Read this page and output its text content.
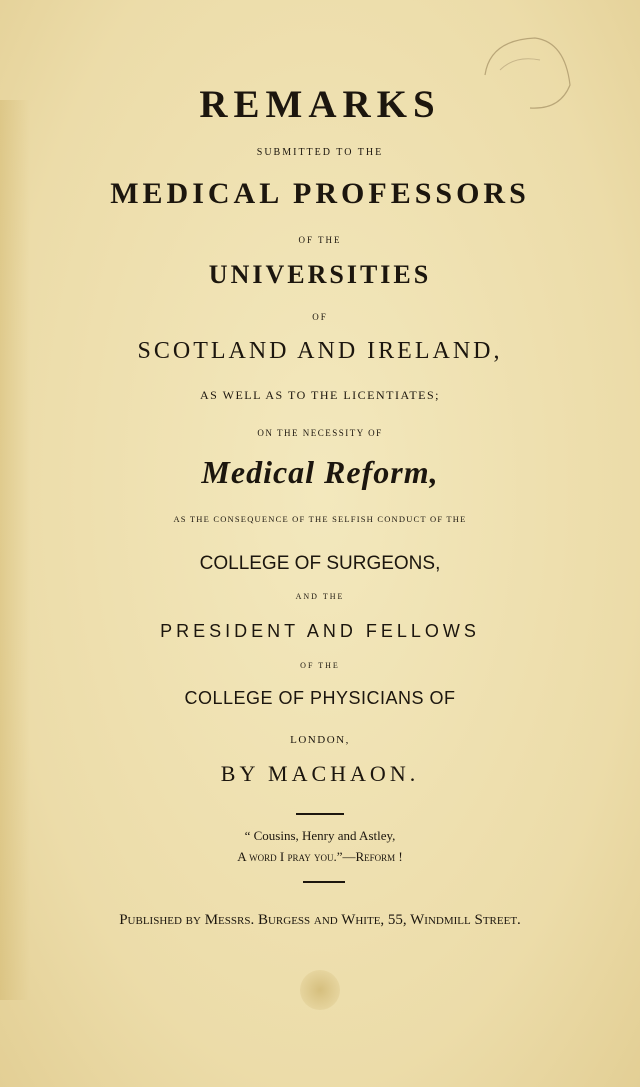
REMARKS
SUBMITTED TO THE
MEDICAL PROFESSORS
OF THE
UNIVERSITIES
OF
SCOTLAND AND IRELAND,
AS WELL AS TO THE LICENTIATES;
ON THE NECESSITY OF
Medical Reform,
AS THE CONSEQUENCE OF THE SELFISH CONDUCT OF THE
COLLEGE OF SURGEONS,
AND THE
PRESIDENT AND FELLOWS
OF THE
COLLEGE OF PHYSICIANS OF
LONDON,
BY MACHAON.
“ Cousins, Henry and Astley,
A word I pray you.”—Reform !
Published by Messrs. Burgess and White, 55, Windmill Street.
